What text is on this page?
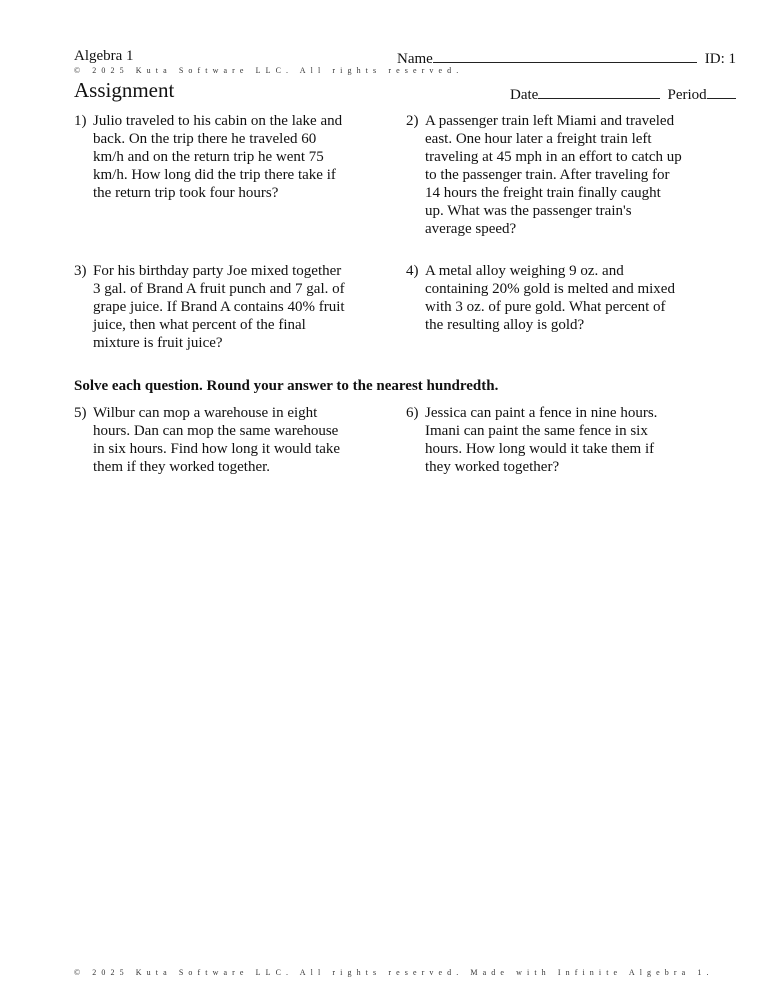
Algebra 1	Name	ID: 1
© 2025 Kuta Software LLC. All rights reserved.
Assignment	Date	Period
1) Julio traveled to his cabin on the lake and
back. On the trip there he traveled 60
km/h and on the return trip he went 75
km/h. How long did the trip there take if
the return trip took four hours?
2) A passenger train left Miami and traveled
east. One hour later a freight train left
traveling at 45 mph in an effort to catch up
to the passenger train. After traveling for
14 hours the freight train finally caught
up. What was the passenger train's
average speed?
3) For his birthday party Joe mixed together
3 gal. of Brand A fruit punch and 7 gal. of
grape juice. If Brand A contains 40% fruit
juice, then what percent of the final
mixture is fruit juice?
4) A metal alloy weighing 9 oz. and
containing 20% gold is melted and mixed
with 3 oz. of pure gold. What percent of
the resulting alloy is gold?
Solve each question. Round your answer to the nearest hundredth.
5) Wilbur can mop a warehouse in eight
hours. Dan can mop the same warehouse
in six hours. Find how long it would take
them if they worked together.
6) Jessica can paint a fence in nine hours.
Imani can paint the same fence in six
hours. How long would it take them if
they worked together?
© 2025 Kuta Software LLC. All rights reserved. Made with Infinite Algebra 1.
